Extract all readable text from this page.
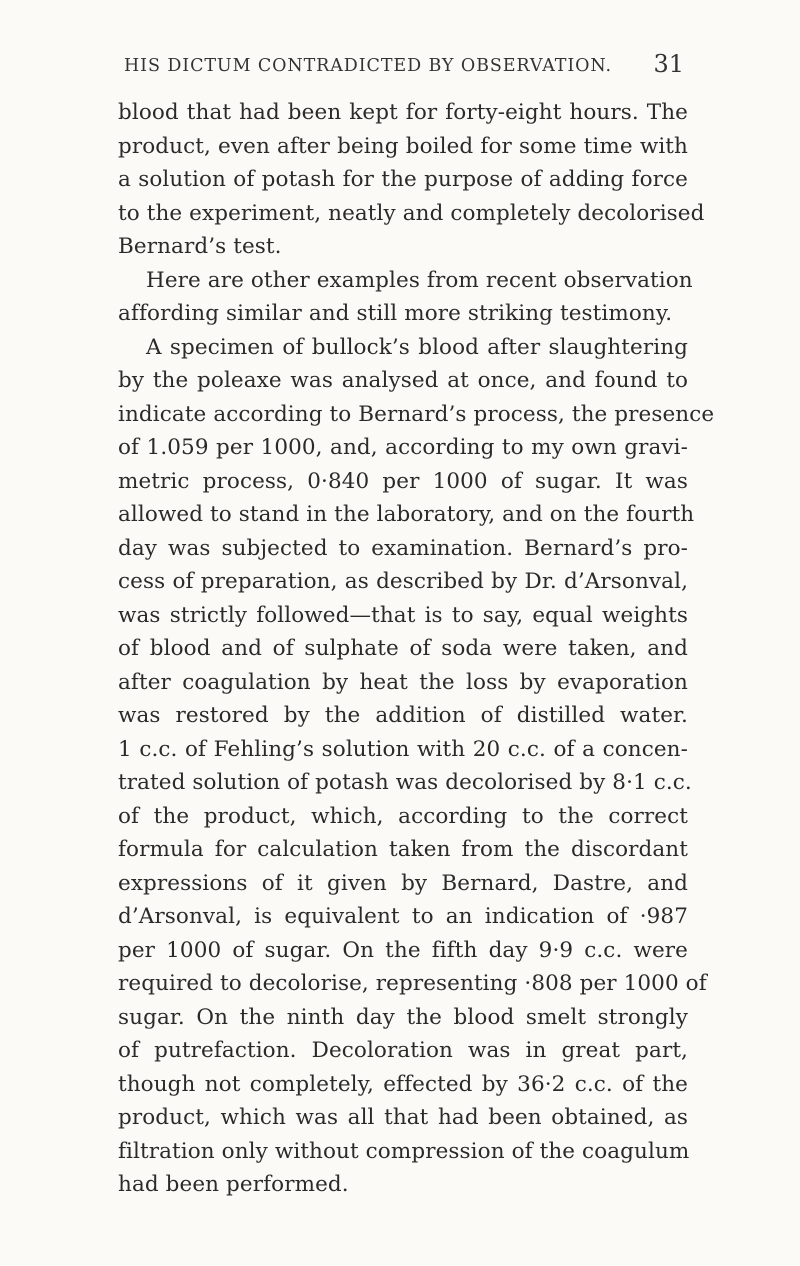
HIS DICTUM CONTRADICTED BY OBSERVATION. 31
blood that had been kept for forty-eight hours. The
product, even after being boiled for some time with
a solution of potash for the purpose of adding force
to the experiment, neatly and completely decolorised
Bernard’s test.
Here are other examples from recent observation
affording similar and still more striking testimony.
A specimen of bullock’s blood after slaughtering
by the poleaxe was analysed at once, and found to
indicate according to Bernard’s process, the presence
of 1.059 per 1000, and, according to my own gravi-
metric process, 0·840 per 1000 of sugar. It was
allowed to stand in the laboratory, and on the fourth
day was subjected to examination. Bernard’s pro-
cess of preparation, as described by Dr. d’Arsonval,
was strictly followed—that is to say, equal weights
of blood and of sulphate of soda were taken, and
after coagulation by heat the loss by evaporation
was restored by the addition of distilled water.
1 c.c. of Fehling’s solution with 20 c.c. of a concen-
trated solution of potash was decolorised by 8·1 c.c.
of the product, which, according to the correct
formula for calculation taken from the discordant
expressions of it given by Bernard, Dastre, and
d’Arsonval, is equivalent to an indication of ·987
per 1000 of sugar. On the fifth day 9·9 c.c. were
required to decolorise, representing ·808 per 1000 of
sugar. On the ninth day the blood smelt strongly
of putrefaction. Decoloration was in great part,
though not completely, effected by 36·2 c.c. of the
product, which was all that had been obtained, as
filtration only without compression of the coagulum
had been performed.
